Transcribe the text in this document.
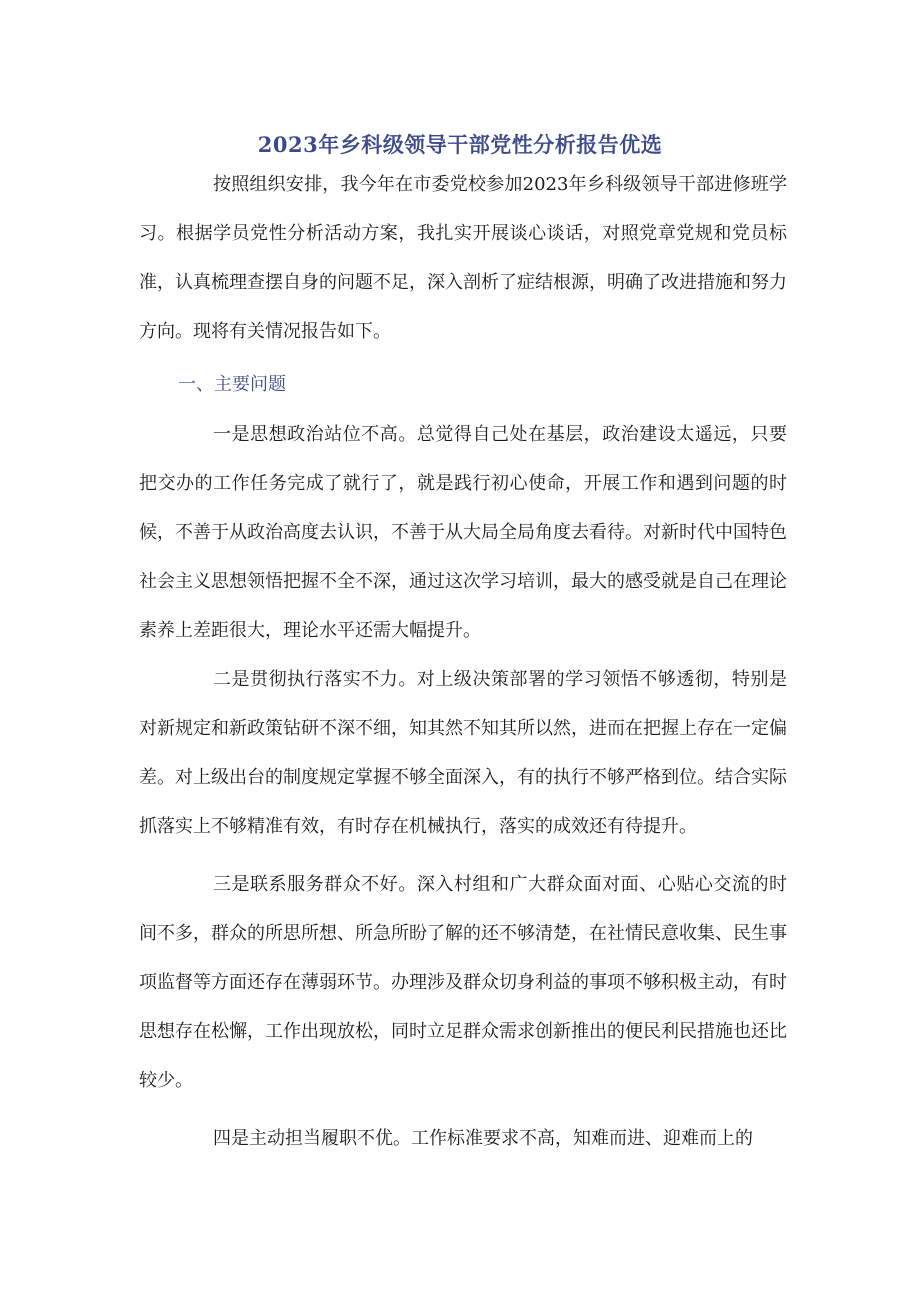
2023年乡科级领导干部党性分析报告优选

按照组织安排，我今年在市委党校参加2023年乡科级领导干部进修班学习。根据学员党性分析活动方案，我扎实开展谈心谈话，对照党章党规和党员标准，认真梳理查摆自身的问题不足，深入剖析了症结根源，明确了改进措施和努力方向。现将有关情况报告如下。

一、主要问题

一是思想政治站位不高。总觉得自己处在基层，政治建设太遥远，只要把交办的工作任务完成了就行了，就是践行初心使命，开展工作和遇到问题的时候，不善于从政治高度去认识，不善于从大局全局角度去看待。对新时代中国特色社会主义思想领悟把握不全不深，通过这次学习培训，最大的感受就是自己在理论素养上差距很大，理论水平还需大幅提升。

二是贯彻执行落实不力。对上级决策部署的学习领悟不够透彻，特别是对新规定和新政策钻研不深不细，知其然不知其所以然，进而在把握上存在一定偏差。对上级出台的制度规定掌握不够全面深入，有的执行不够严格到位。结合实际抓落实上不够精准有效，有时存在机械执行，落实的成效还有待提升。

三是联系服务群众不好。深入村组和广大群众面对面、心贴心交流的时间不多，群众的所思所想、所急所盼了解的还不够清楚，在社情民意收集、民生事项监督等方面还存在薄弱环节。办理涉及群众切身利益的事项不够积极主动，有时思想存在松懈，工作出现放松，同时立足群众需求创新推出的便民利民措施也还比较少。

四是主动担当履职不优。工作标准要求不高，知难而进、迎难而上的
